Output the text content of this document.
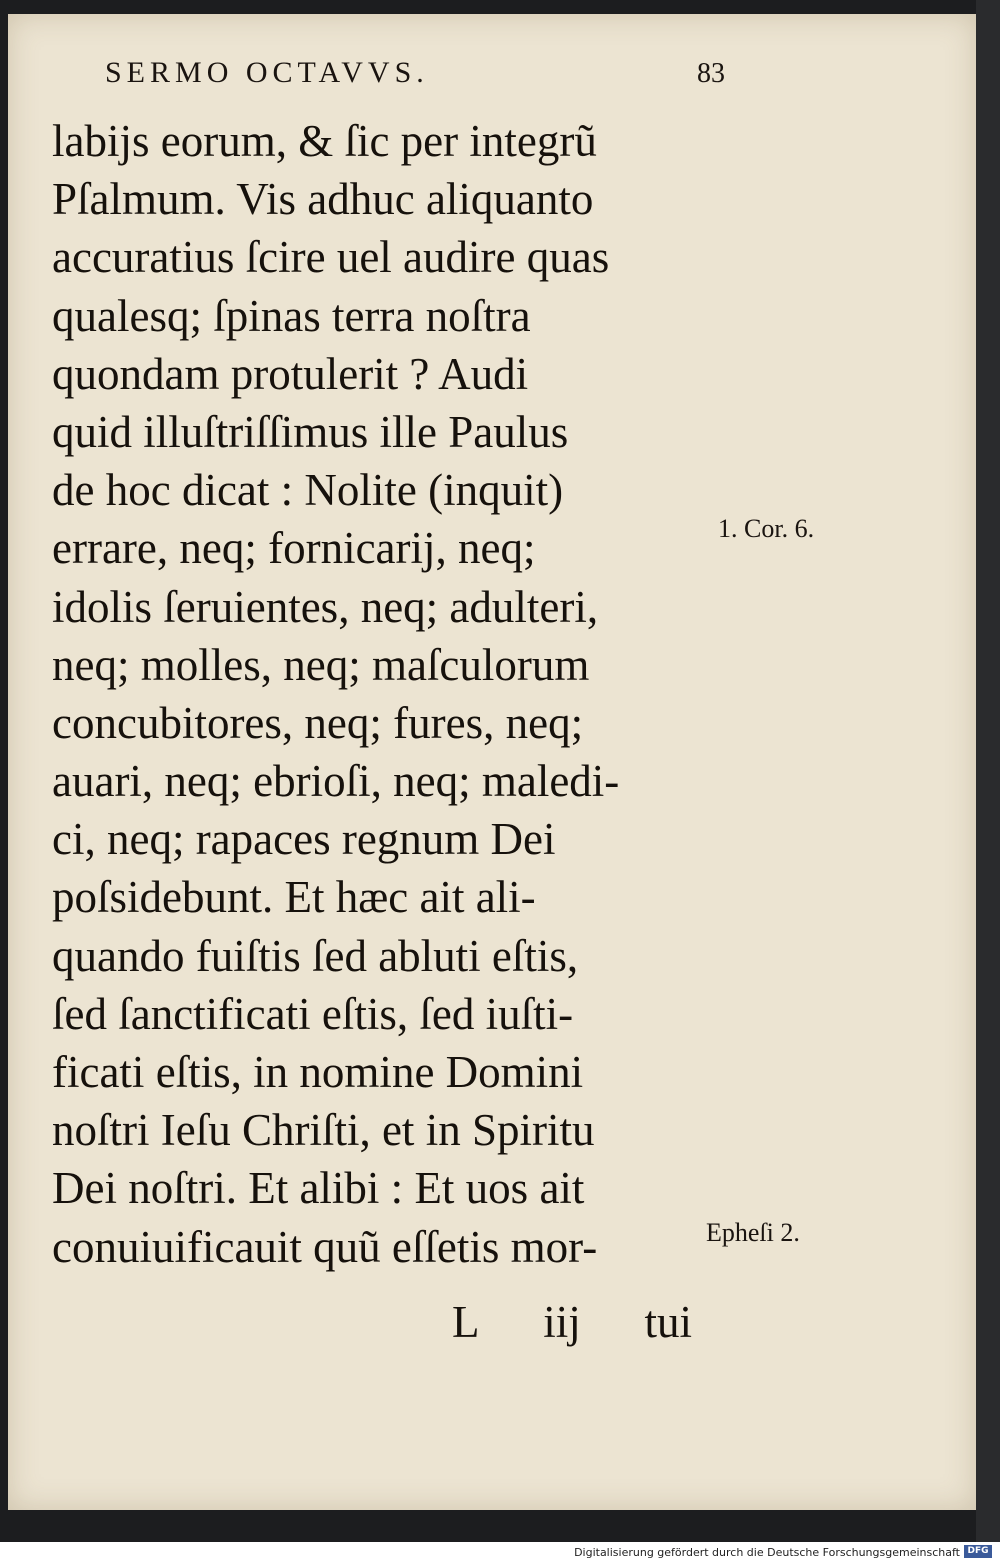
SERMO OCTAVVS.	83
labijs eorum, & ſic per integrũ
Pſalmum. Vis adhuc aliquanto
accuratius ſcire uel audire quas
qualesq; ſpinas terra noſtra
quondam protulerit ? Audi
quid illuſtriſſimus ille Paulus
de hoc dicat : Nolite (inquit)
errare, neq; fornicarij, neq;
idolis ſeruientes, neq; adulteri,
neq; molles, neq; maſculorum
concubitores, neq; fures, neq;
auari, neq; ebrioſi, neq; maledi-
ci, neq; rapaces regnum Dei
poſsidebunt. Et hæc ait ali-
quando fuiſtis ſed abluti eſtis,
ſed ſanctificati eſtis, ſed iuſti-
ficati eſtis, in nomine Domini
noſtri Ieſu Chriſti, et in Spiritu
Dei noſtri. Et alibi : Et uos ait
conuiuificauit quũ eſſetis mor-
L iij tui
1. Cor. 6.
Epheſi 2.
Digitalisierung gefördert durch die Deutsche Forschungsgemeinschaft DFG
